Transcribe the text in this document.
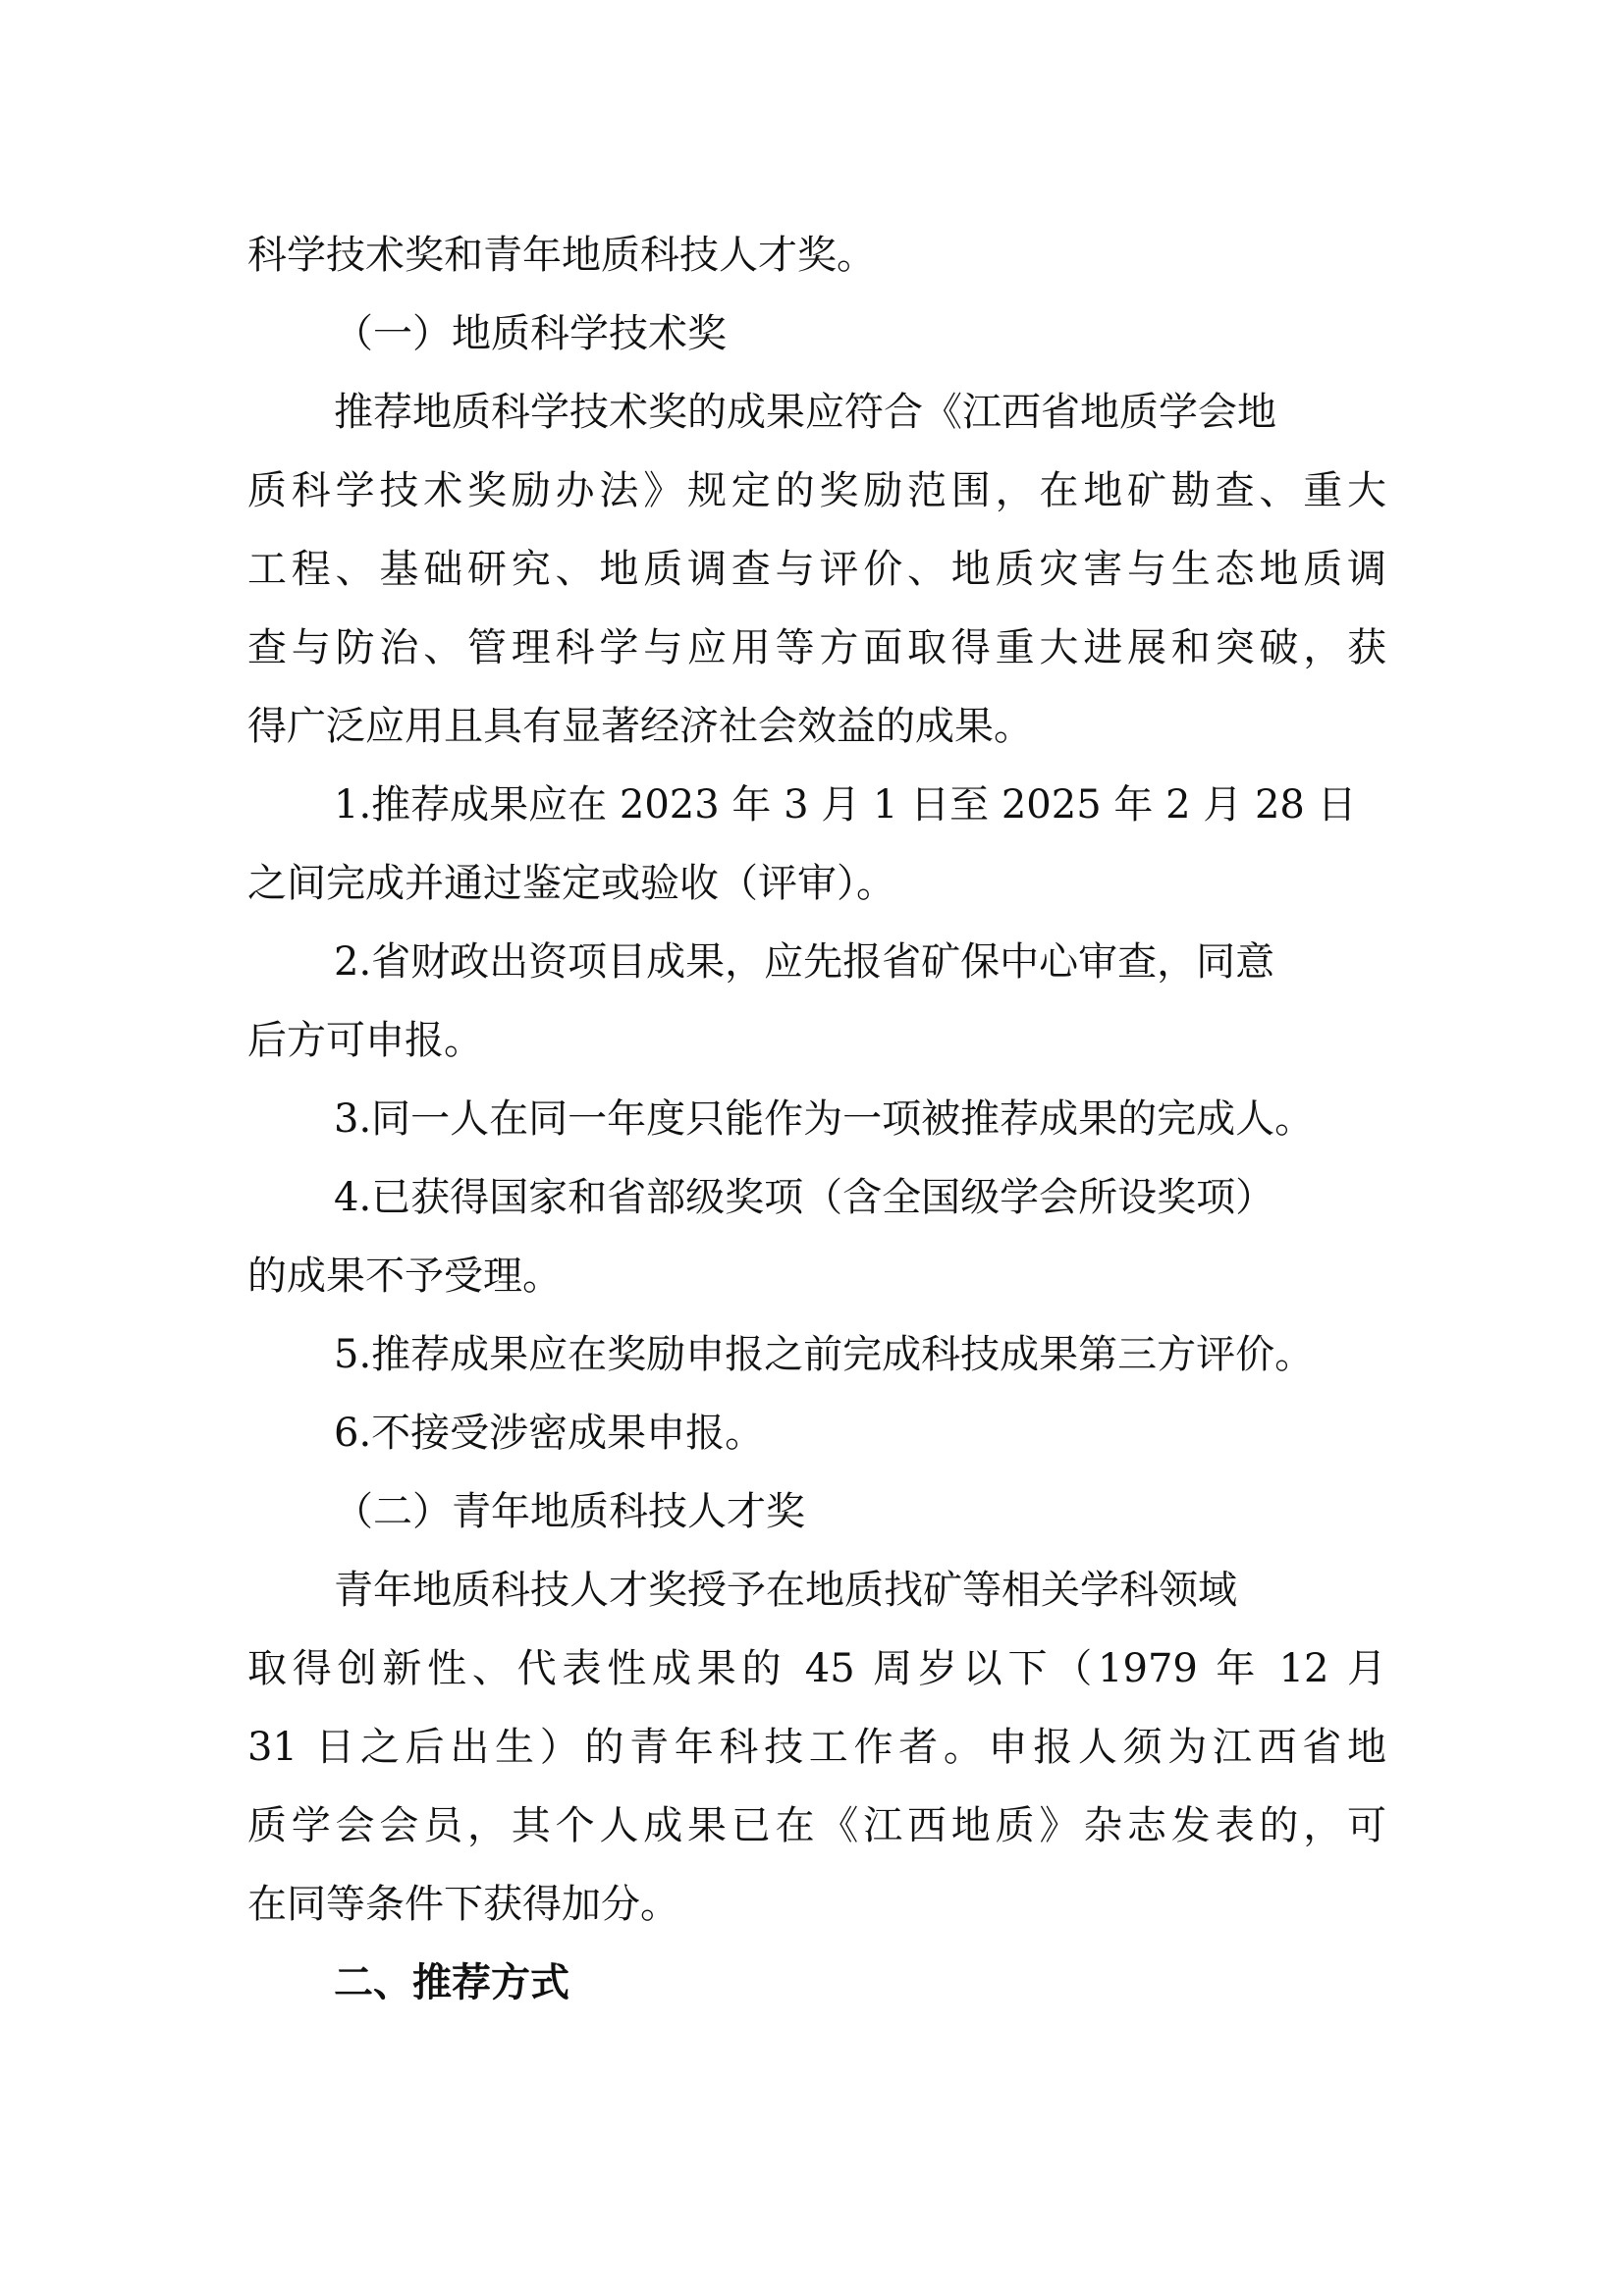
科学技术奖和青年地质科技人才奖。

（一）地质科学技术奖

推荐地质科学技术奖的成果应符合《江西省地质学会地

质科学技术奖励办法》规定的奖励范围，在地矿勘查、重大

工程、基础研究、地质调查与评价、地质灾害与生态地质调

查与防治、管理科学与应用等方面取得重大进展和突破，获

得广泛应用且具有显著经济社会效益的成果。

1.推荐成果应在 2023 年 3 月 1 日至 2025 年 2 月 28 日

之间完成并通过鉴定或验收（评审）。

2.省财政出资项目成果，应先报省矿保中心审查，同意

后方可申报。

3.同一人在同一年度只能作为一项被推荐成果的完成人。

4.已获得国家和省部级奖项（含全国级学会所设奖项）

的成果不予受理。

5.推荐成果应在奖励申报之前完成科技成果第三方评价。

6.不接受涉密成果申报。

（二）青年地质科技人才奖

青年地质科技人才奖授予在地质找矿等相关学科领域

取得创新性、代表性成果的 45 周岁以下（1979 年 12 月

31 日之后出生）的青年科技工作者。申报人须为江西省地

质学会会员，其个人成果已在《江西地质》杂志发表的，可

在同等条件下获得加分。

二、推荐方式
